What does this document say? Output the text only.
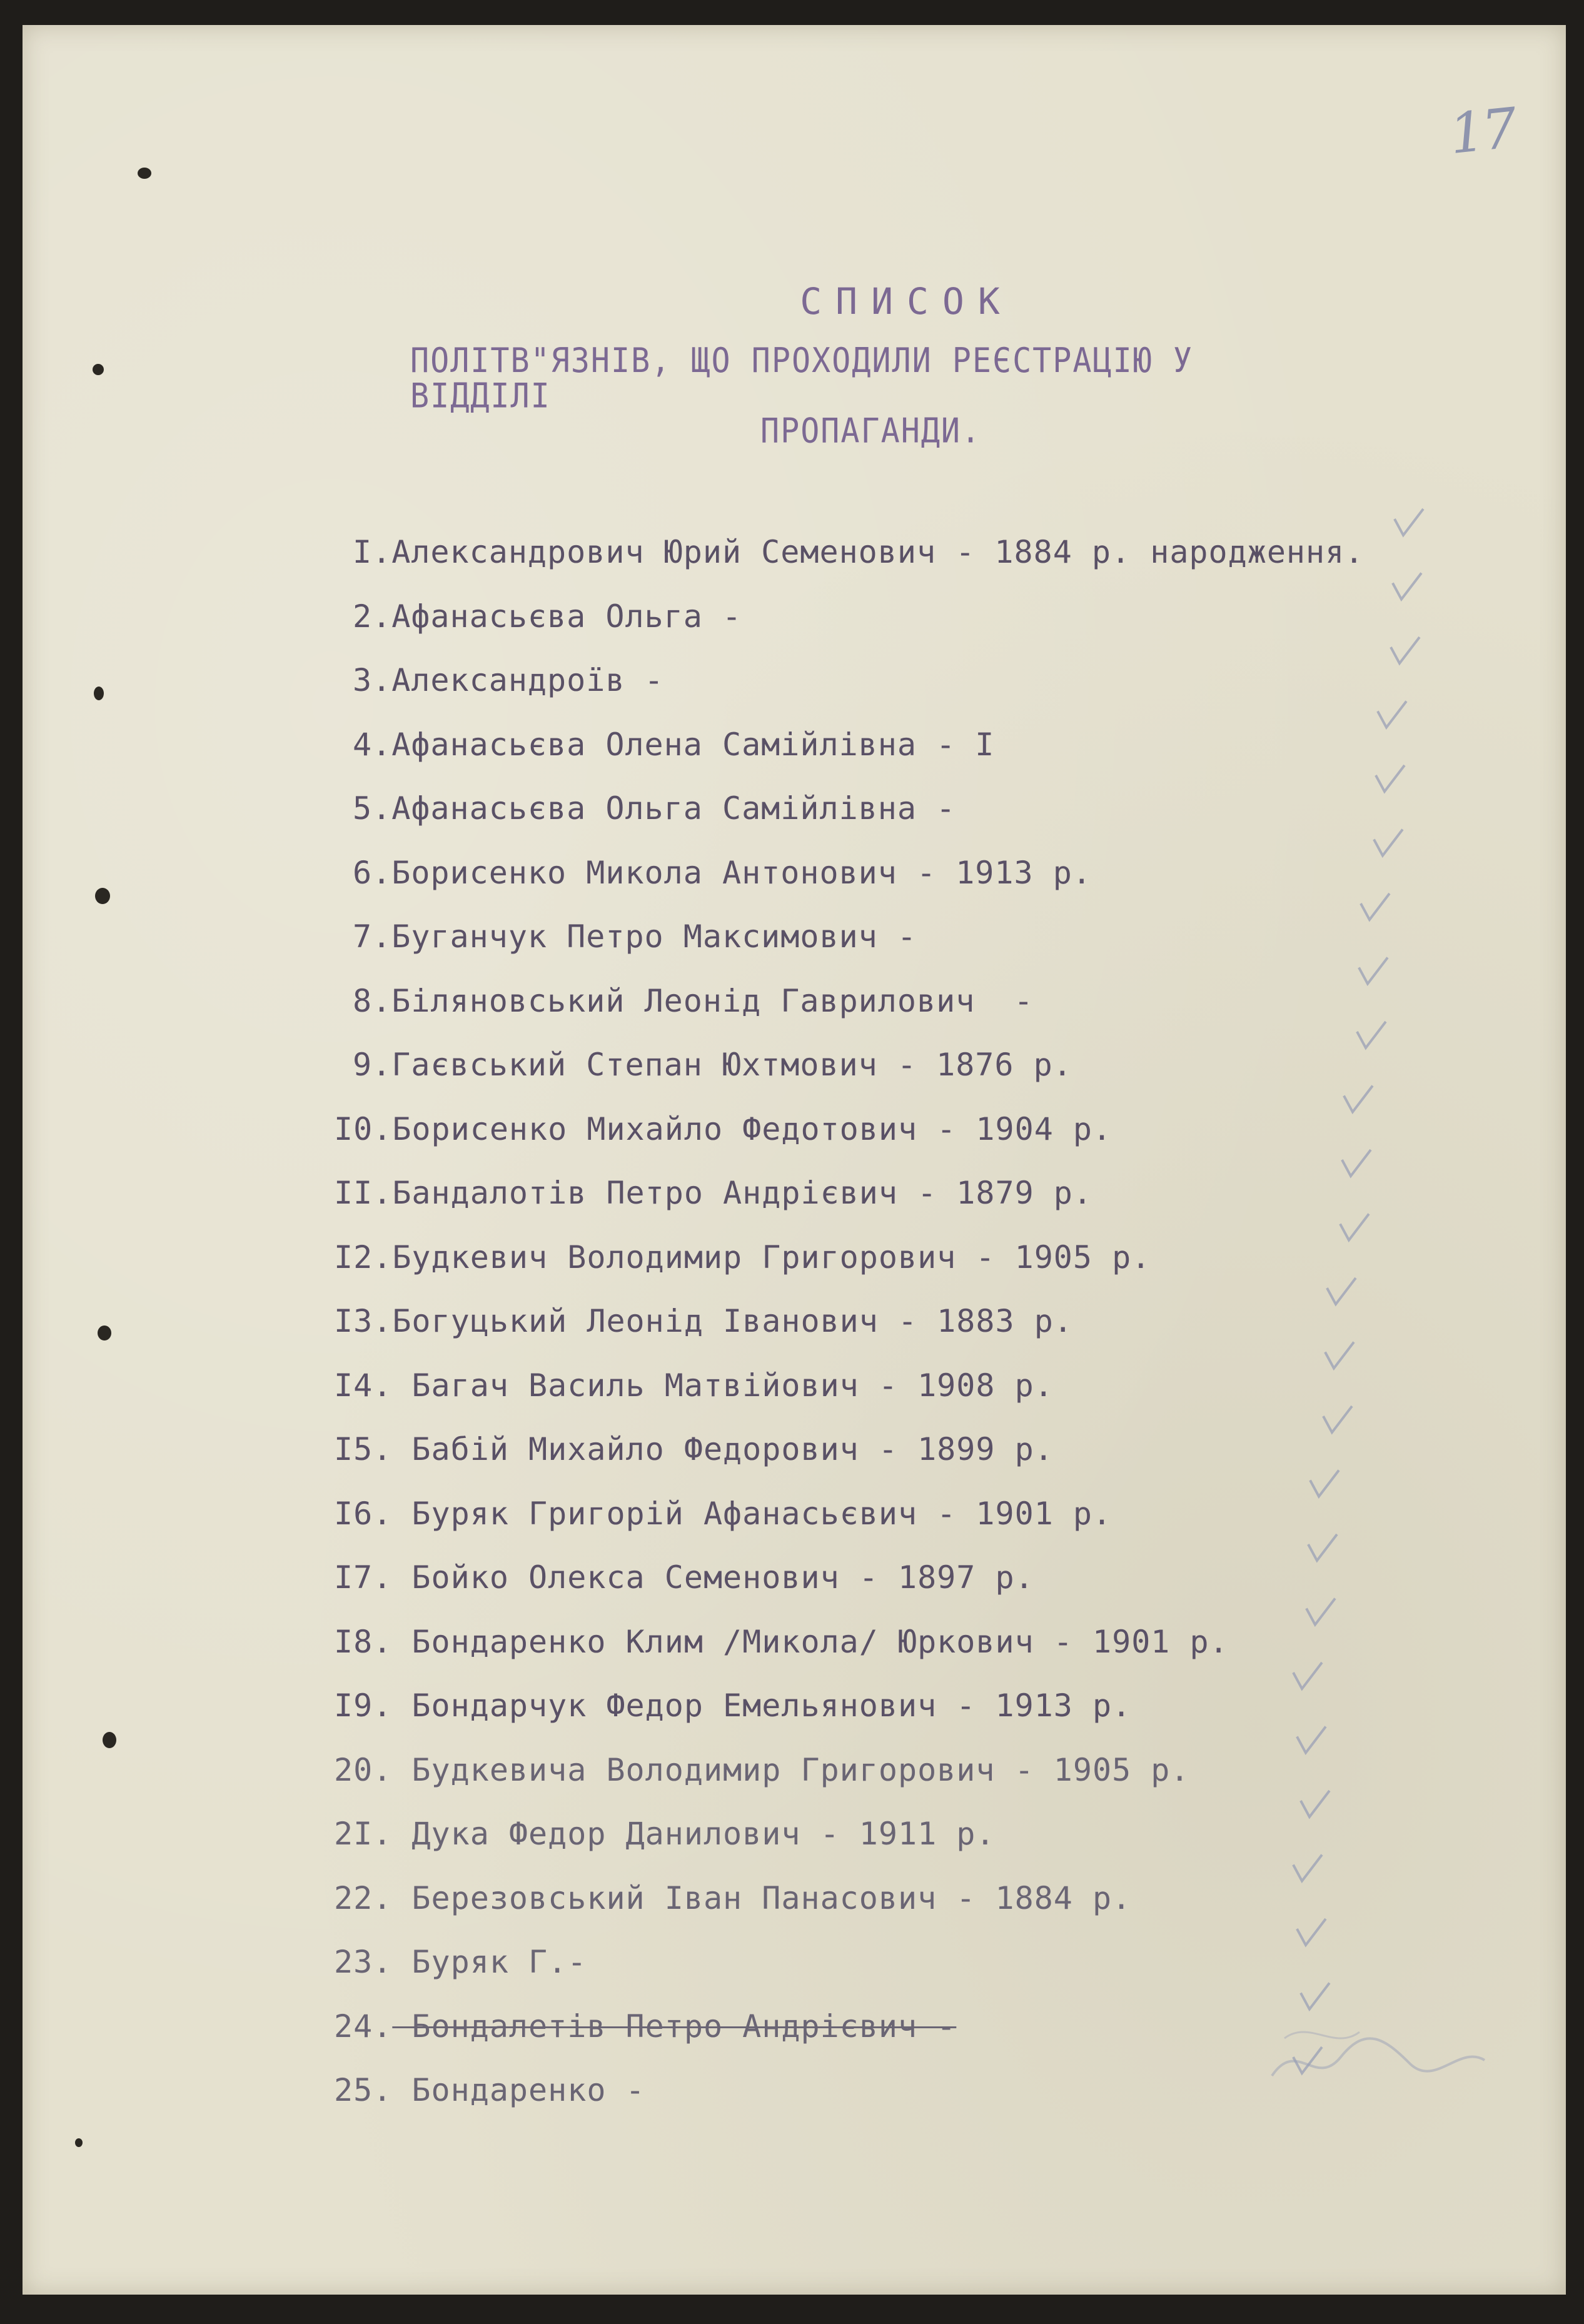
17
СПИСОК
ПОЛІТВ"ЯЗНІВ, ЩО ПРОХОДИЛИ РЕЄСТРАЦІЮ У ВІДДІЛІ
ПРОПАГАНДИ.
I.Александрович Юрий Семенович - 1884 р. народження.
2.Афанасьєва Ольга -
3.Александроїв -
4.Афанасьєва Олена Самійлівна - I
5.Афанасьєва Ольга Самійлівна -
6.Борисенко Микола Антонович - 1913 р.
7.Буганчук Петро Максимович -
8.Біляновський Леонід Гаврилович  -
9.Гаєвський Степан Юхтмович - 1876 р.
I0.Борисенко Михайло Федотович - 1904 р.
II.Бандалотів Петро Андрієвич - 1879 р.
I2.Будкевич Володимир Григорович - 1905 р.
I3.Богуцький Леонід Іванович - 1883 р.
I4. Багач Василь Матвійович - 1908 р.
I5. Бабій Михайло Федорович - 1899 р.
I6. Буряк Григорій Афанасьєвич - 1901 р.
I7. Бойко Олекса Семенович - 1897 р.
I8. Бондаренко Клим /Микола/ Юркович - 1901 р.
I9. Бондарчук Федор Емельянович - 1913 р.
20. Будкевича Володимир Григорович - 1905 р.
2I. Дука Федор Данилович - 1911 р.
22. Березовський Іван Панасович - 1884 р.
23. Буряк Г.-
24. Бондалетів Петро Андрієвич -
25. Бондаренко -
